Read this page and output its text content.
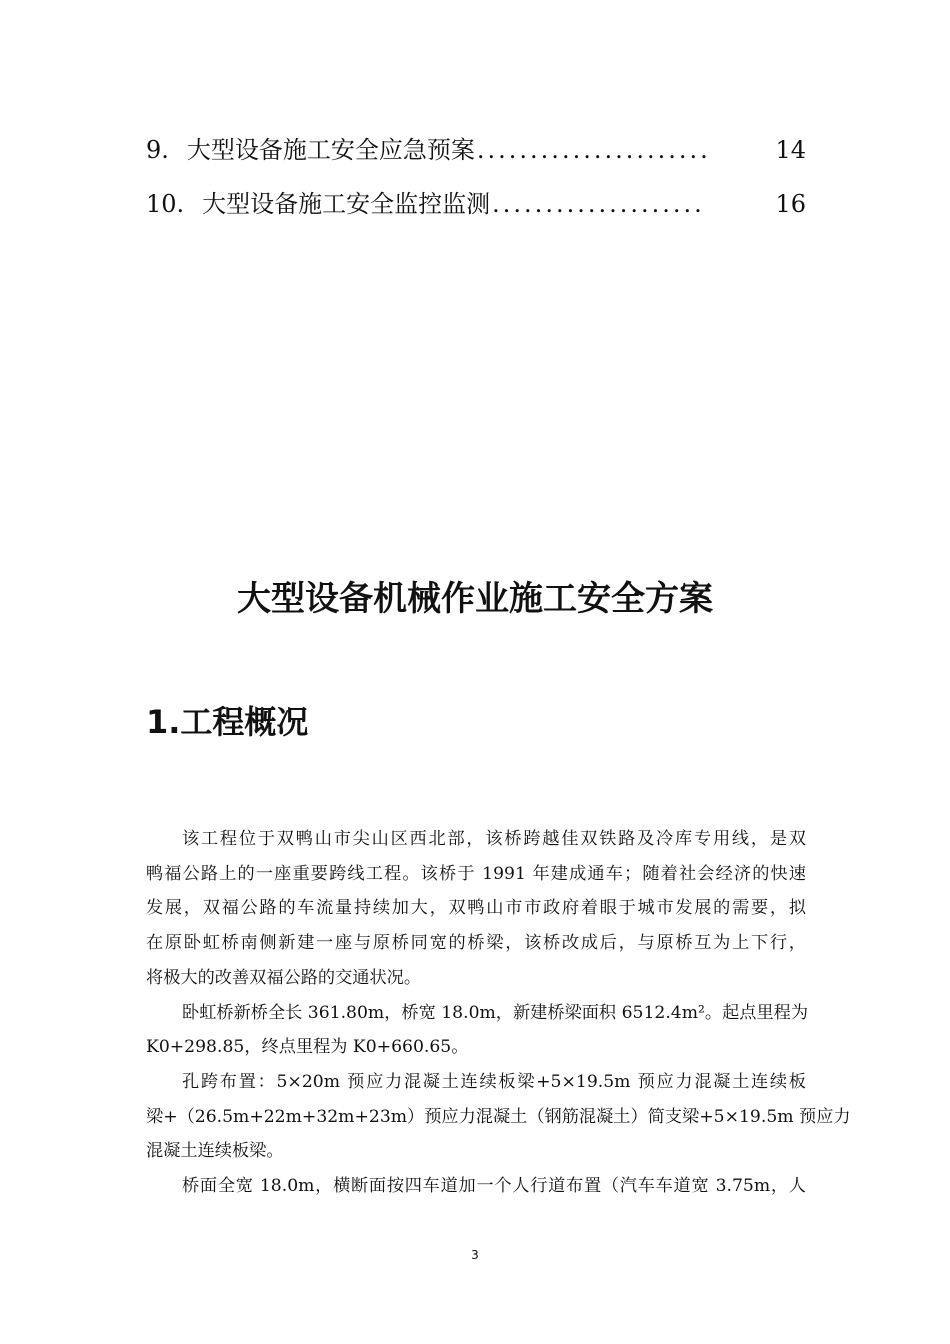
9. 大型设备施工安全应急预案 ......................	14
10. 大型设备施工安全监控监测 ....................	16
大型设备机械作业施工安全方案
1.工程概况
该工程位于双鸭山市尖山区西北部，该桥跨越佳双铁路及冷库专用线，是双
鸭福公路上的一座重要跨线工程。该桥于 1991 年建成通车；随着社会经济的快速
发展，双福公路的车流量持续加大，双鸭山市市政府着眼于城市发展的需要，拟
在原卧虹桥南侧新建一座与原桥同宽的桥梁，该桥改成后，与原桥互为上下行，
将极大的改善双福公路的交通状况。
卧虹桥新桥全长 361.80m，桥宽 18.0m，新建桥梁面积 6512.4m²。起点里程为
K0+298.85，终点里程为 K0+660.65。
孔跨布置：5×20m 预应力混凝土连续板梁+5×19.5m 预应力混凝土连续板
梁+（26.5m+22m+32m+23m）预应力混凝土（钢筋混凝土）简支梁+5×19.5m 预应力
混凝土连续板梁。
桥面全宽 18.0m，横断面按四车道加一个人行道布置（汽车车道宽 3.75m，人
3
